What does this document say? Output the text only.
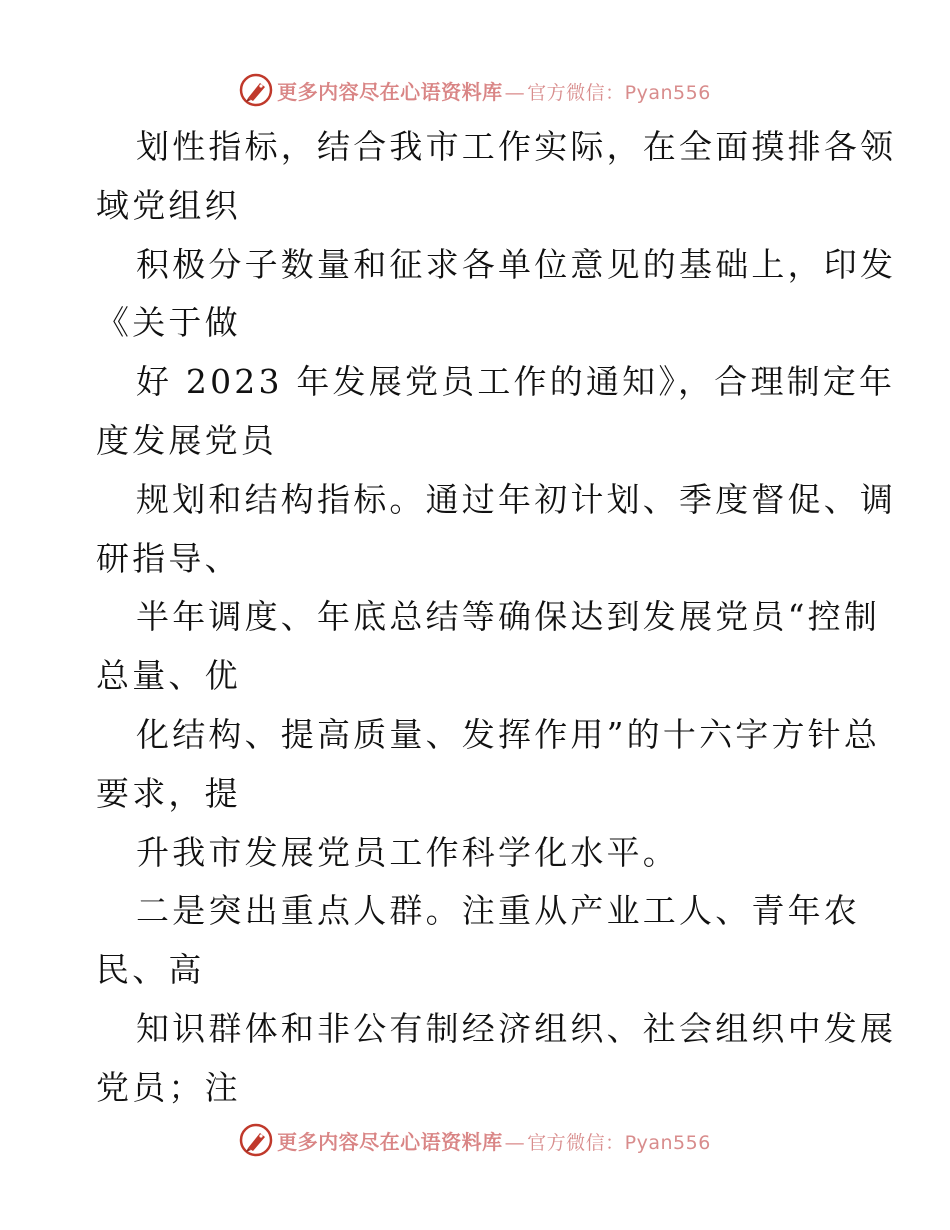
更多内容尽在心语资料库 — 官方微信：Pyan556
划性指标，结合我市工作实际，在全面摸排各领
域党组织
积极分子数量和征求各单位意见的基础上，印发
《关于做
好 2023 年发展党员工作的通知》，合理制定年
度发展党员
规划和结构指标。通过年初计划、季度督促、调
研指导、
半年调度、年底总结等确保达到发展党员“控制
总量、优
化结构、提高质量、发挥作用”的十六字方针总
要求，提
升我市发展党员工作科学化水平。
二是突出重点人群。注重从产业工人、青年农
民、高
知识群体和非公有制经济组织、社会组织中发展
党员；注
更多内容尽在心语资料库 — 官方微信：Pyan556
